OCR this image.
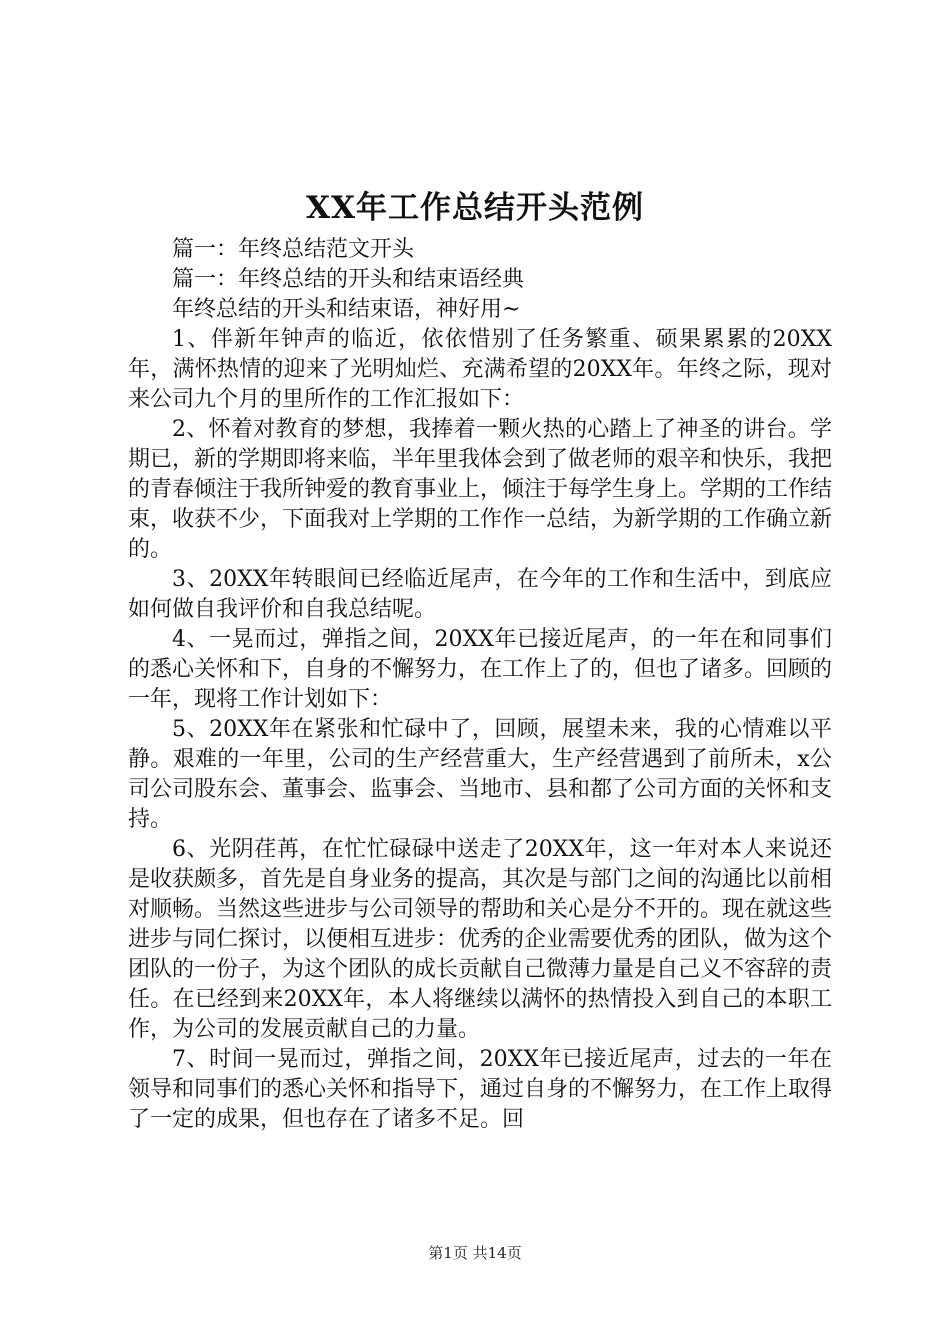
XX年工作总结开头范例

篇一：年终总结范文开头

篇一：年终总结的开头和结束语经典

年终总结的开头和结束语，神好用~

1、伴新年钟声的临近，依依惜别了任务繁重、硕果累累的20XX年，满怀热情的迎来了光明灿烂、充满希望的20XX年。年终之际，现对来公司九个月的里所作的工作汇报如下：

2、怀着对教育的梦想，我捧着一颗火热的心踏上了神圣的讲台。学期已，新的学期即将来临，半年里我体会到了做老师的艰辛和快乐，我把的青春倾注于我所钟爱的教育事业上，倾注于每学生身上。学期的工作结束，收获不少，下面我对上学期的工作作一总结，为新学期的工作确立新的。

3、20XX年转眼间已经临近尾声，在今年的工作和生活中，到底应如何做自我评价和自我总结呢。

4、一晃而过，弹指之间，20XX年已接近尾声，的一年在和同事们的悉心关怀和下，自身的不懈努力，在工作上了的，但也了诸多。回顾的一年，现将工作计划如下：

5、20XX年在紧张和忙碌中了，回顾，展望未来，我的心情难以平静。艰难的一年里，公司的生产经营重大，生产经营遇到了前所未，x公司公司股东会、董事会、监事会、当地市、县和都了公司方面的关怀和支持。

6、光阴荏苒，在忙忙碌碌中送走了20XX年，这一年对本人来说还是收获颇多，首先是自身业务的提高，其次是与部门之间的沟通比以前相对顺畅。当然这些进步与公司领导的帮助和关心是分不开的。现在就这些进步与同仁探讨，以便相互进步：优秀的企业需要优秀的团队，做为这个团队的一份子，为这个团队的成长贡献自己微薄力量是自己义不容辞的责任。在已经到来20XX年，本人将继续以满怀的热情投入到自己的本职工作，为公司的发展贡献自己的力量。

7、时间一晃而过，弹指之间，20XX年已接近尾声，过去的一年在领导和同事们的悉心关怀和指导下，通过自身的不懈努力，在工作上取得了一定的成果，但也存在了诸多不足。回

第1页 共14页
